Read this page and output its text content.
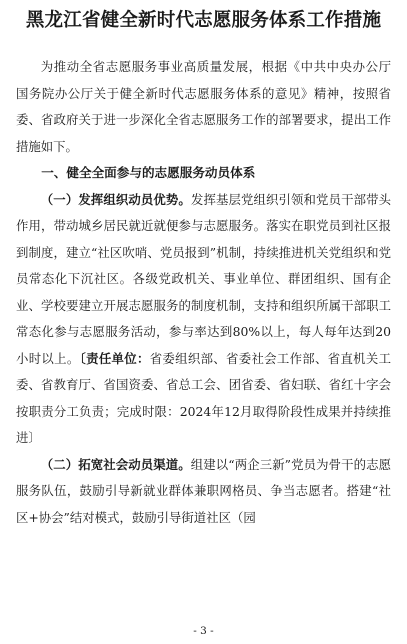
黑龙江省健全新时代志愿服务体系工作措施

为推动全省志愿服务事业高质量发展，根据《中共中央办公厅 国务院办公厅关于健全新时代志愿服务体系的意见》精神，按照省委、省政府关于进一步深化全省志愿服务工作的部署要求，提出工作措施如下。

一、健全全面参与的志愿服务动员体系

（一）发挥组织动员优势。发挥基层党组织引领和党员干部带头作用，带动城乡居民就近就便参与志愿服务。落实在职党员到社区报到制度，建立“社区吹哨、党员报到”机制，持续推进机关党组织和党员常态化下沉社区。各级党政机关、事业单位、群团组织、国有企业、学校要建立开展志愿服务的制度机制，支持和组织所属干部职工常态化参与志愿服务活动，参与率达到80%以上，每人每年达到20小时以上。〔责任单位：省委组织部、省委社会工作部、省直机关工委、省教育厅、省国资委、省总工会、团省委、省妇联、省红十字会按职责分工负责；完成时限：2024年12月取得阶段性成果并持续推进〕

（二）拓宽社会动员渠道。组建以“两企三新”党员为骨干的志愿服务队伍，鼓励引导新就业群体兼职网格员、争当志愿者。搭建“社区+协会”结对模式，鼓励引导街道社区（园

- 3 -
